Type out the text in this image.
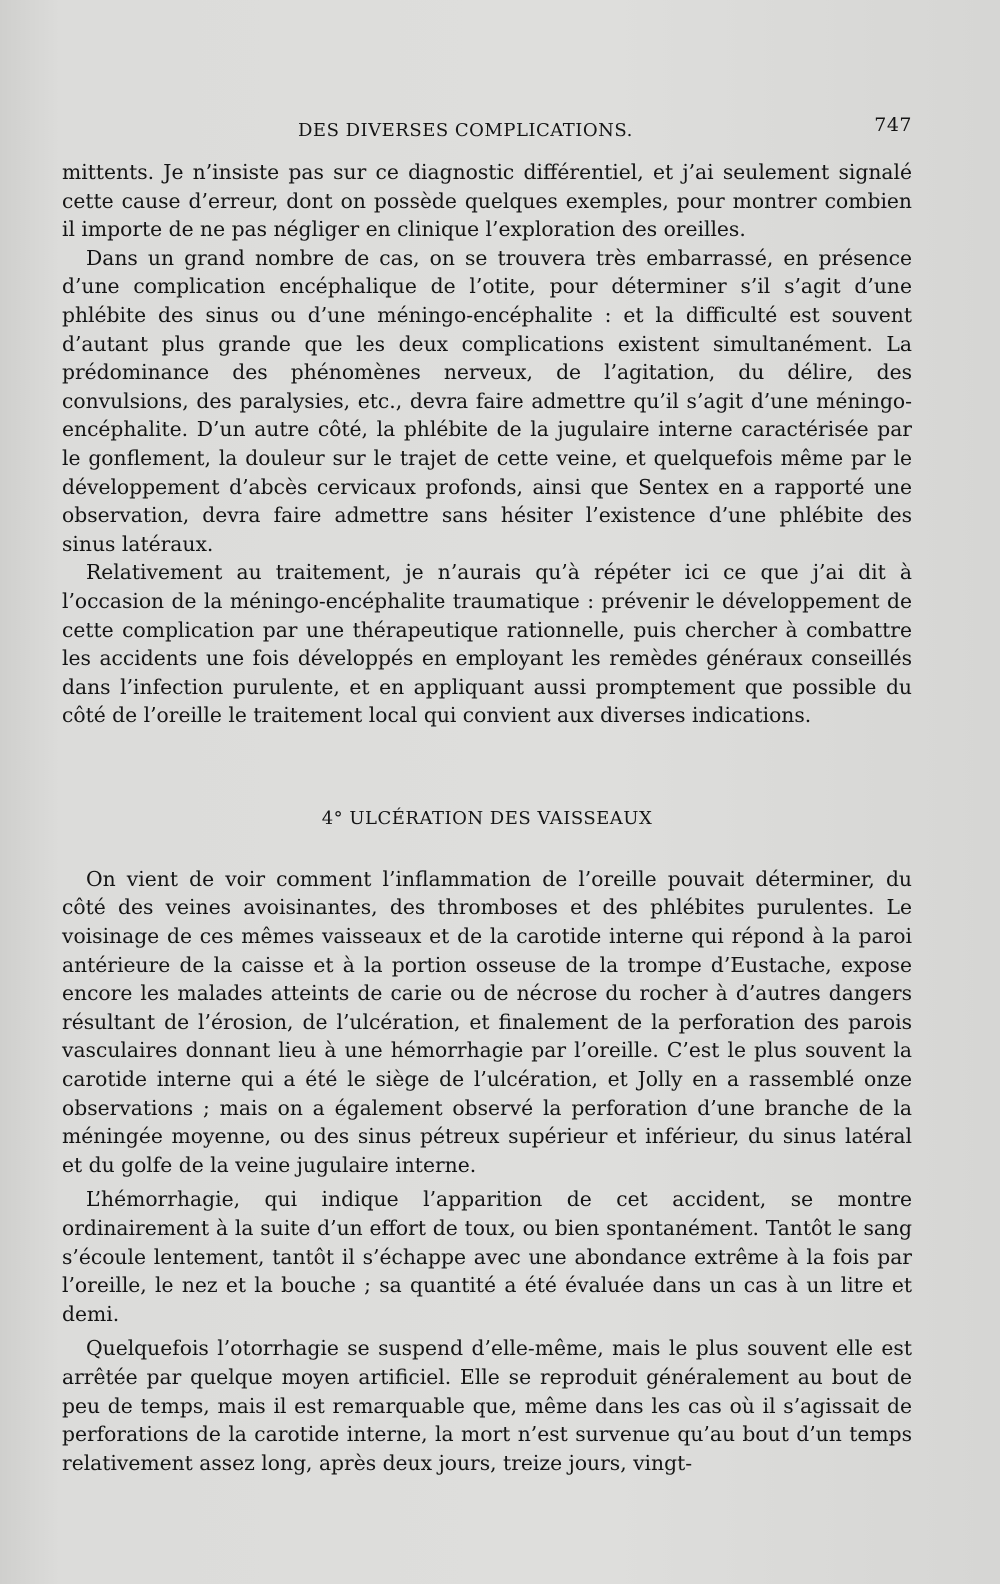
DES DIVERSES COMPLICATIONS.	747

mittents. Je n’insiste pas sur ce diagnostic différentiel, et j’ai seulement signalé cette cause d’erreur, dont on possède quelques exemples, pour montrer combien il importe de ne pas négliger en clinique l’exploration des oreilles.

Dans un grand nombre de cas, on se trouvera très embarrassé, en présence d’une complication encéphalique de l’otite, pour déterminer s’il s’agit d’une phlébite des sinus ou d’une méningo-encéphalite : et la difficulté est souvent d’autant plus grande que les deux complications existent simultanément. La prédominance des phénomènes nerveux, de l’agitation, du délire, des convulsions, des paralysies, etc., devra faire admettre qu’il s’agit d’une méningo-encéphalite. D’un autre côté, la phlébite de la jugulaire interne caractérisée par le gonflement, la douleur sur le trajet de cette veine, et quelquefois même par le développement d’abcès cervicaux profonds, ainsi que Sentex en a rapporté une observation, devra faire admettre sans hésiter l’existence d’une phlébite des sinus latéraux.

Relativement au traitement, je n’aurais qu’à répéter ici ce que j’ai dit à l’occasion de la méningo-encéphalite traumatique : prévenir le développement de cette complication par une thérapeutique rationnelle, puis chercher à combattre les accidents une fois développés en employant les remèdes généraux conseillés dans l’infection purulente, et en appliquant aussi promptement que possible du côté de l’oreille le traitement local qui convient aux diverses indications.

4° ULCÉRATION DES VAISSEAUX

On vient de voir comment l’inflammation de l’oreille pouvait déterminer, du côté des veines avoisinantes, des thromboses et des phlébites purulentes. Le voisinage de ces mêmes vaisseaux et de la carotide interne qui répond à la paroi antérieure de la caisse et à la portion osseuse de la trompe d’Eustache, expose encore les malades atteints de carie ou de nécrose du rocher à d’autres dangers résultant de l’érosion, de l’ulcération, et finalement de la perforation des parois vasculaires donnant lieu à une hémorrhagie par l’oreille. C’est le plus souvent la carotide interne qui a été le siège de l’ulcération, et Jolly en a rassemblé onze observations ; mais on a également observé la perforation d’une branche de la méningée moyenne, ou des sinus pétreux supérieur et inférieur, du sinus latéral et du golfe de la veine jugulaire interne.

L’hémorrhagie, qui indique l’apparition de cet accident, se montre ordinairement à la suite d’un effort de toux, ou bien spontanément. Tantôt le sang s’écoule lentement, tantôt il s’échappe avec une abondance extrême à la fois par l’oreille, le nez et la bouche ; sa quantité a été évaluée dans un cas à un litre et demi.

Quelquefois l’otorrhagie se suspend d’elle-même, mais le plus souvent elle est arrêtée par quelque moyen artificiel. Elle se reproduit généralement au bout de peu de temps, mais il est remarquable que, même dans les cas où il s’agissait de perforations de la carotide interne, la mort n’est survenue qu’au bout d’un temps relativement assez long, après deux jours, treize jours, vingt-
